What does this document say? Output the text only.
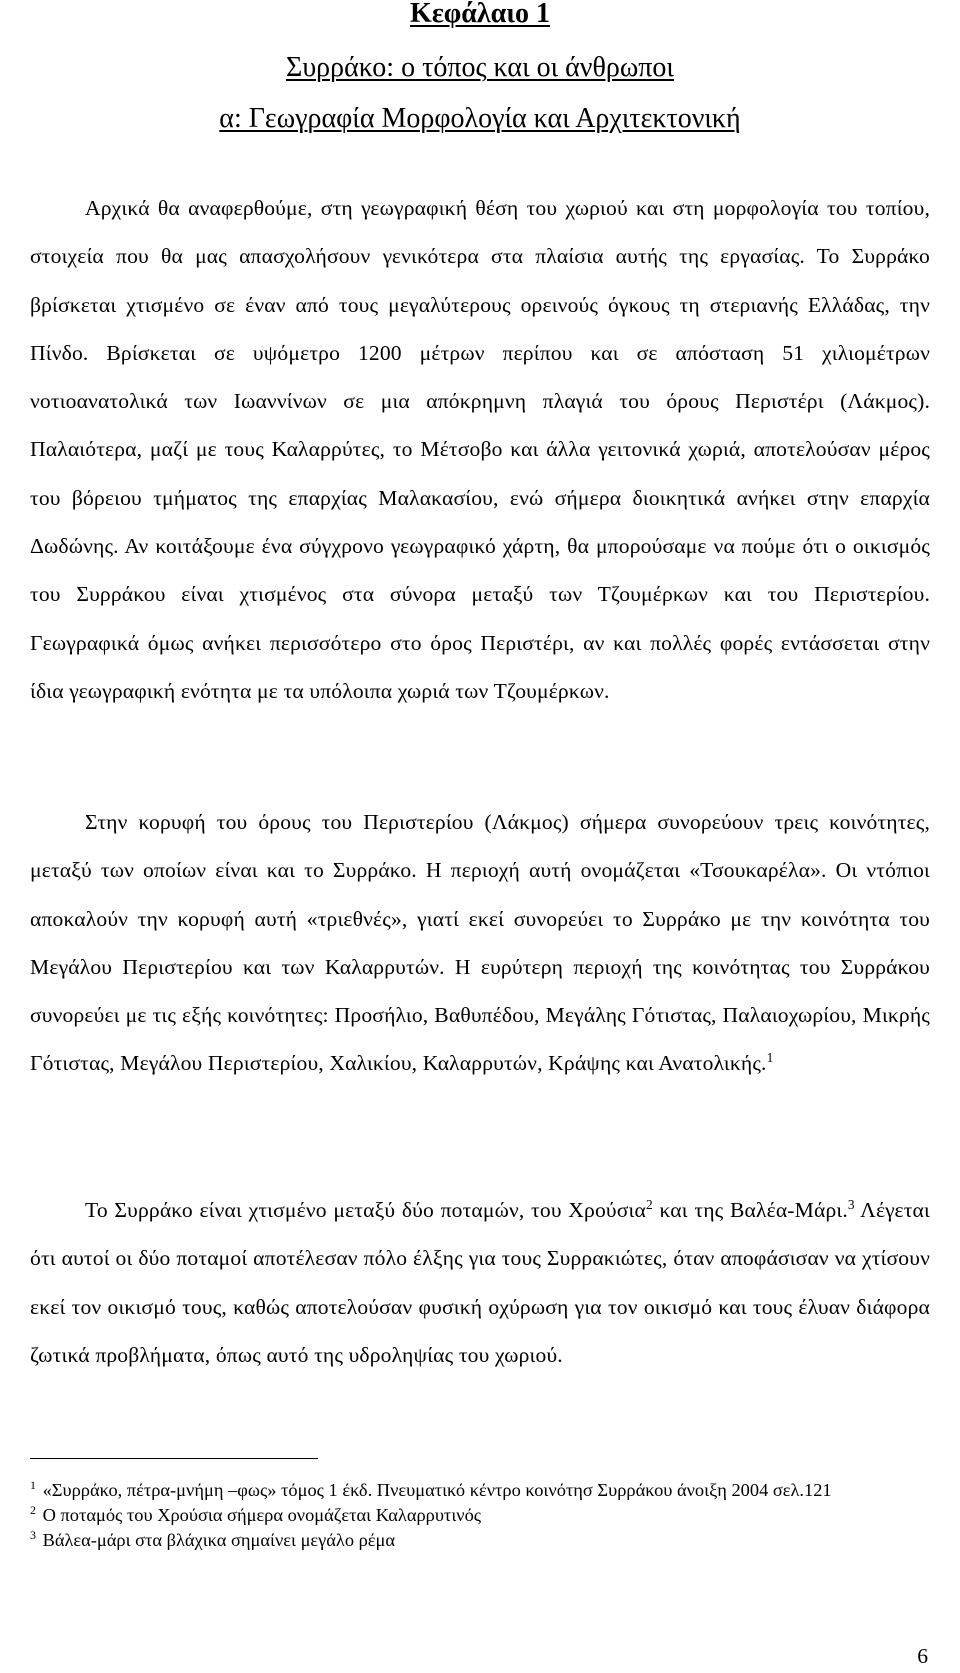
Κεφάλαιο 1
Συρράκο: ο τόπος και οι άνθρωποι
α: Γεωγραφία Μορφολογία και Αρχιτεκτονική

Αρχικά θα αναφερθούμε, στη γεωγραφική θέση του χωριού και στη μορφολογία του τοπίου, στοιχεία που θα μας απασχολήσουν γενικότερα στα πλαίσια αυτής της εργασίας. Το Συρράκο βρίσκεται χτισμένο σε έναν από τους μεγαλύτερους ορεινούς όγκους τη στεριανής Ελλάδας, την Πίνδο. Βρίσκεται σε υψόμετρο 1200 μέτρων περίπου και σε απόσταση 51 χιλιομέτρων νοτιοανατολικά των Ιωαννίνων σε μια απόκρημνη πλαγιά του όρους Περιστέρι (Λάκμος). Παλαιότερα, μαζί με τους Καλαρρύτες, το Μέτσοβο και άλλα γειτονικά χωριά, αποτελούσαν μέρος του βόρειου τμήματος της επαρχίας Μαλακασίου, ενώ σήμερα διοικητικά ανήκει στην επαρχία Δωδώνης. Αν κοιτάξουμε ένα σύγχρονο γεωγραφικό χάρτη, θα μπορούσαμε να πούμε ότι ο οικισμός του Συρράκου είναι χτισμένος στα σύνορα μεταξύ των Τζουμέρκων και του Περιστερίου. Γεωγραφικά όμως ανήκει περισσότερο στο όρος Περιστέρι, αν και πολλές φορές εντάσσεται στην ίδια γεωγραφική ενότητα με τα υπόλοιπα χωριά των Τζουμέρκων.

Στην κορυφή του όρους του Περιστερίου (Λάκμος) σήμερα συνορεύουν τρεις κοινότητες, μεταξύ των οποίων είναι και το Συρράκο. Η περιοχή αυτή ονομάζεται «Τσουκαρέλα». Οι ντόπιοι αποκαλούν την κορυφή αυτή «τριεθνές», γιατί εκεί συνορεύει το Συρράκο με την κοινότητα του Μεγάλου Περιστερίου και των Καλαρρυτών. Η ευρύτερη περιοχή της κοινότητας του Συρράκου συνορεύει με τις εξής κοινότητες: Προσήλιο, Βαθυπέδου, Μεγάλης Γότιστας, Παλαιοχωρίου, Μικρής Γότιστας, Μεγάλου Περιστερίου, Χαλικίου, Καλαρρυτών, Κράψης και Ανατολικής.$^1$

Το Συρράκο είναι χτισμένο μεταξύ δύο ποταμών, του Χρούσια$^2$ και της Βαλέα-Μάρι.$^3$ Λέγεται ότι αυτοί οι δύο ποταμοί αποτέλεσαν πόλο έλξης για τους Συρρακιώτες, όταν αποφάσισαν να χτίσουν εκεί τον οικισμό τους, καθώς αποτελούσαν φυσική οχύρωση για τον οικισμό και τους έλυαν διάφορα ζωτικά προβλήματα, όπως αυτό της υδροληψίας του χωριού.

$^1$ «Συρράκο, πέτρα-μνήμη –φως» τόμος 1 έκδ. Πνευματικό κέντρο κοινότησ Συρράκου άνοιξη 2004 σελ.121

$^2$ Ο ποταμός του Χρούσια σήμερα ονομάζεται Καλαρρυτινός

$^3$ Βάλεα-μάρι στα βλάχικα σημαίνει μεγάλο ρέμα

6
